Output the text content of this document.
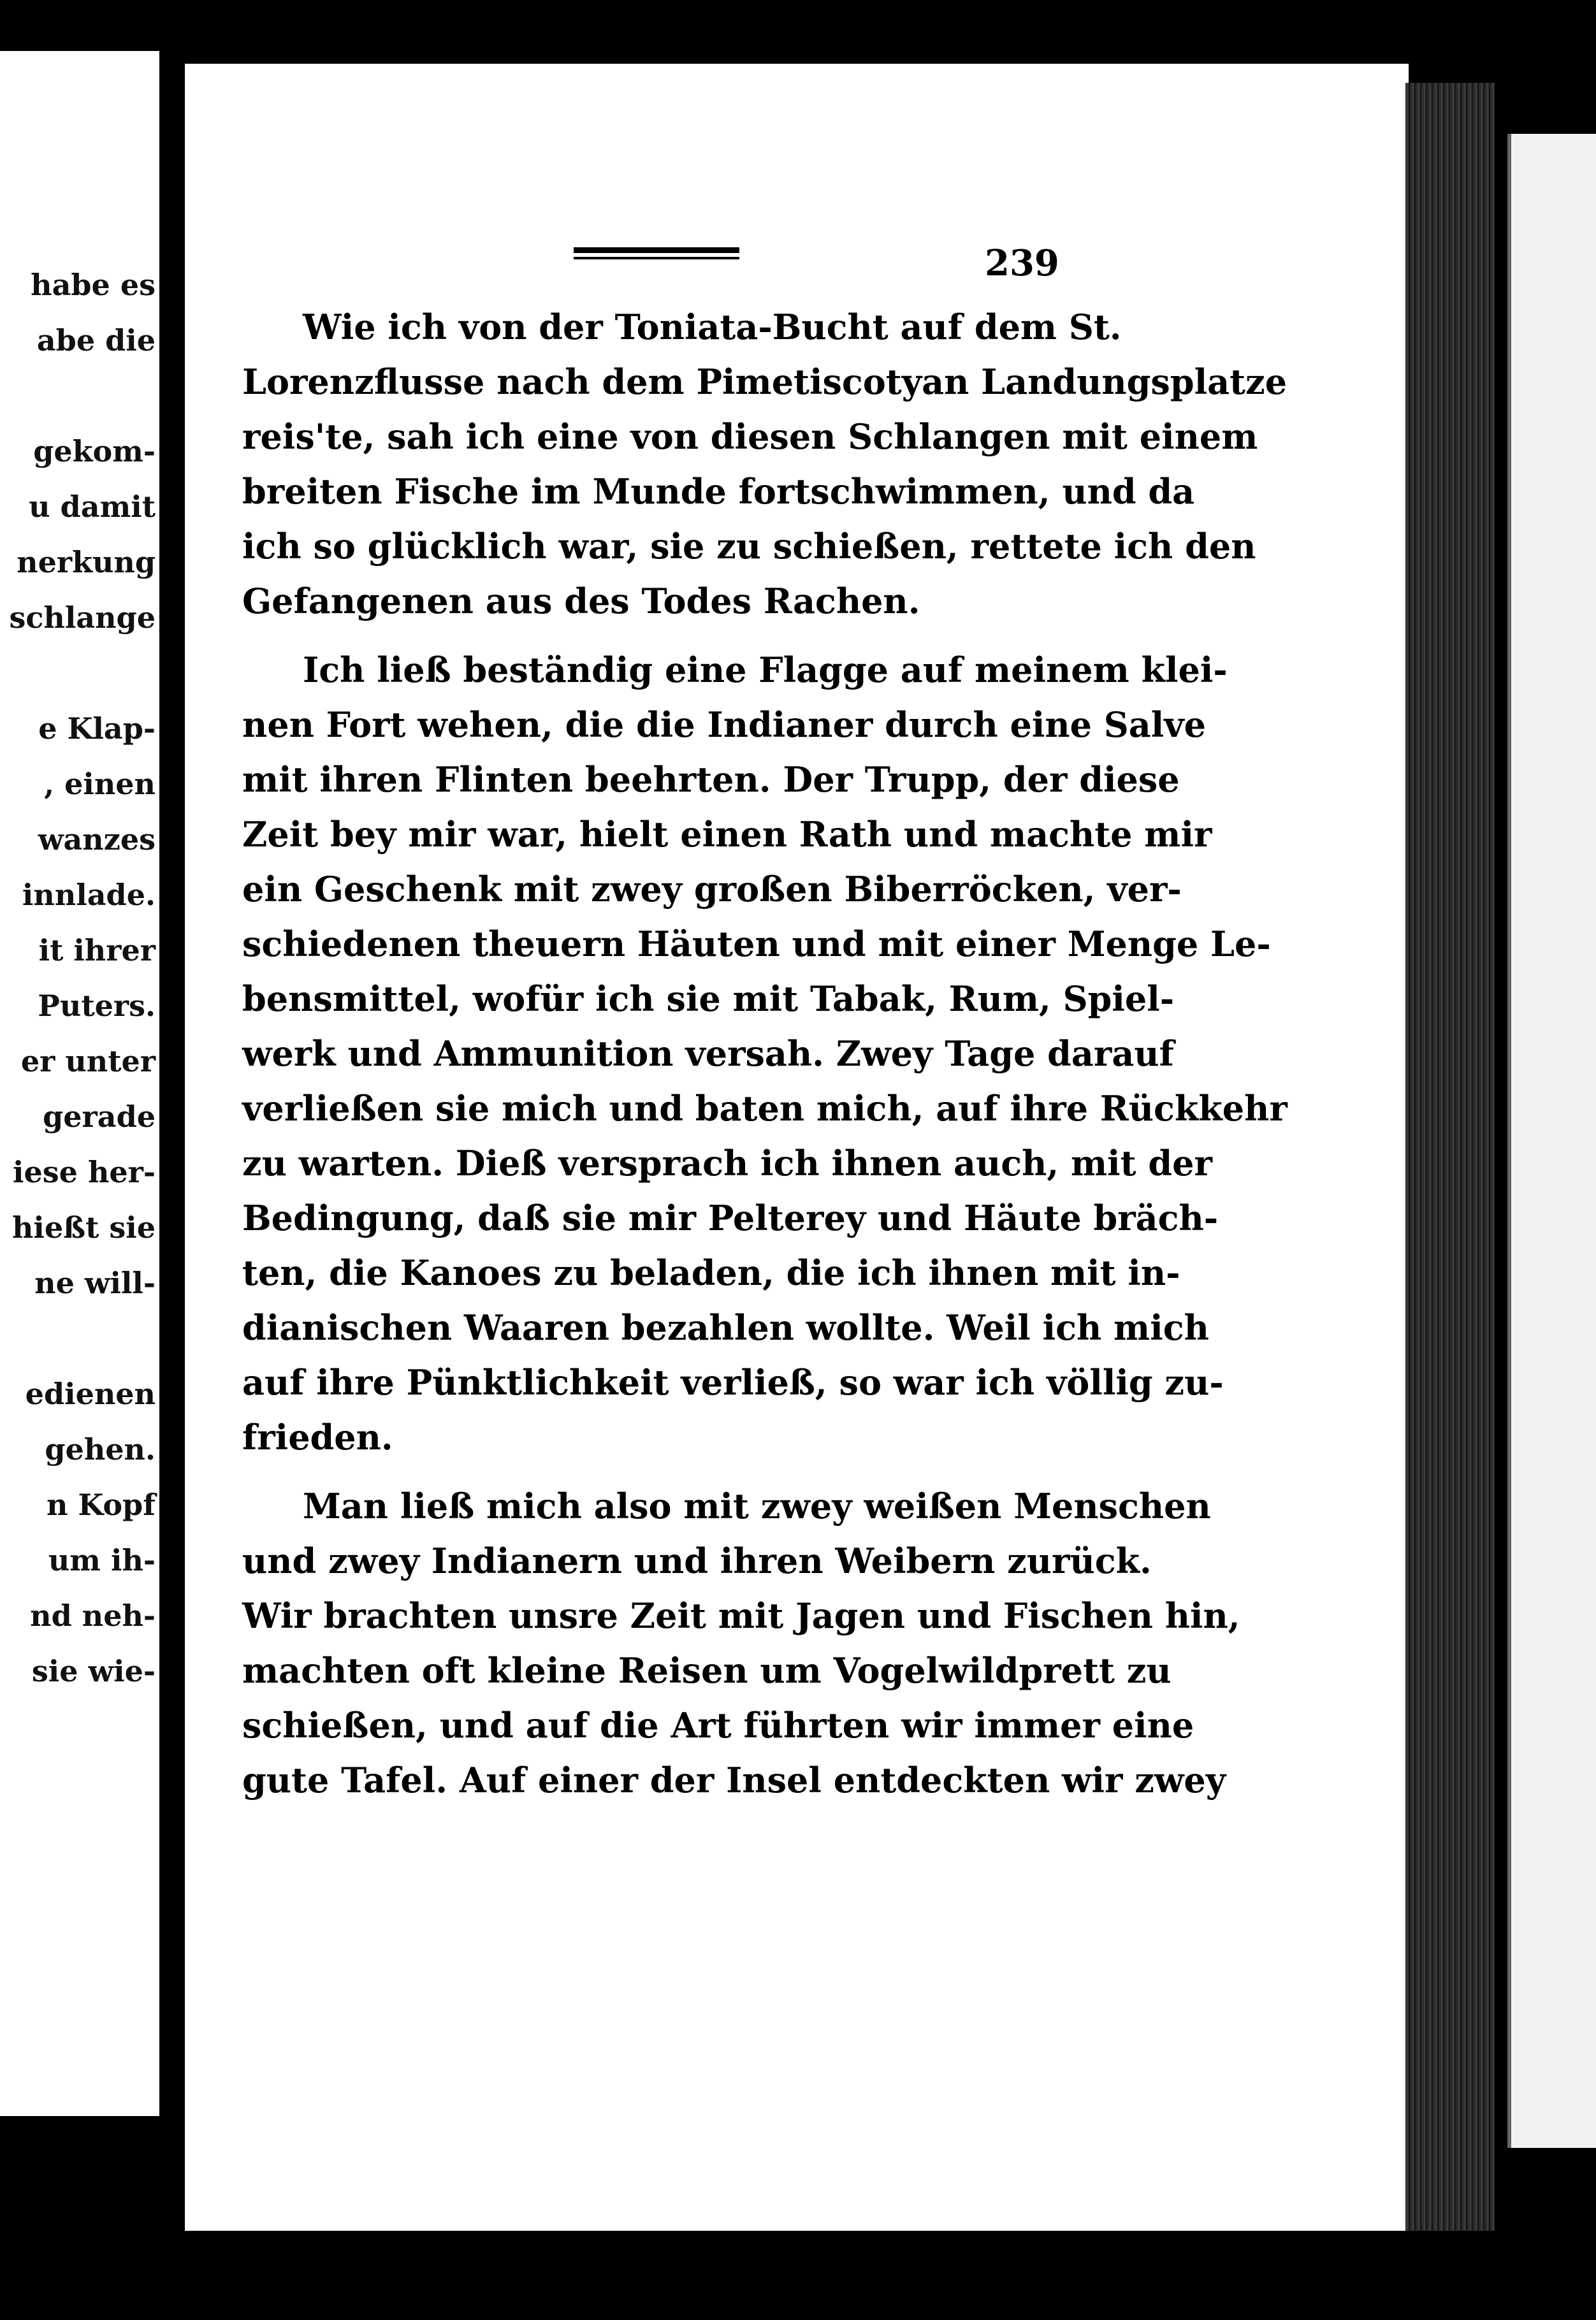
habe es
abe die
gekom-
u damit
nerkung
schlange
e Klap-
, einen
wanzes
innlade.
it ihrer
Puters.
er unter
gerade
iese her-
hießt sie
ne will-
edienen
gehen.
n Kopf
um ih-
nd neh-
sie wie-
239
Wie ich von der Toniata-Bucht auf dem St.
Lorenzflusse nach dem Pimetiscotyan Landungsplatze
reis'te, sah ich eine von diesen Schlangen mit einem
breiten Fische im Munde fortschwimmen, und da
ich so glücklich war, sie zu schießen, rettete ich den
Gefangenen aus des Todes Rachen.
Ich ließ beständig eine Flagge auf meinem klei-
nen Fort wehen, die die Indianer durch eine Salve
mit ihren Flinten beehrten. Der Trupp, der diese
Zeit bey mir war, hielt einen Rath und machte mir
ein Geschenk mit zwey großen Biberröcken, ver-
schiedenen theuern Häuten und mit einer Menge Le-
bensmittel, wofür ich sie mit Tabak, Rum, Spiel-
werk und Ammunition versah. Zwey Tage darauf
verließen sie mich und baten mich, auf ihre Rückkehr
zu warten. Dieß versprach ich ihnen auch, mit der
Bedingung, daß sie mir Pelterey und Häute bräch-
ten, die Kanoes zu beladen, die ich ihnen mit in-
dianischen Waaren bezahlen wollte. Weil ich mich
auf ihre Pünktlichkeit verließ, so war ich völlig zu-
frieden.
Man ließ mich also mit zwey weißen Menschen
und zwey Indianern und ihren Weibern zurück.
Wir brachten unsre Zeit mit Jagen und Fischen hin,
machten oft kleine Reisen um Vogelwildprett zu
schießen, und auf die Art führten wir immer eine
gute Tafel. Auf einer der Insel entdeckten wir zwey
